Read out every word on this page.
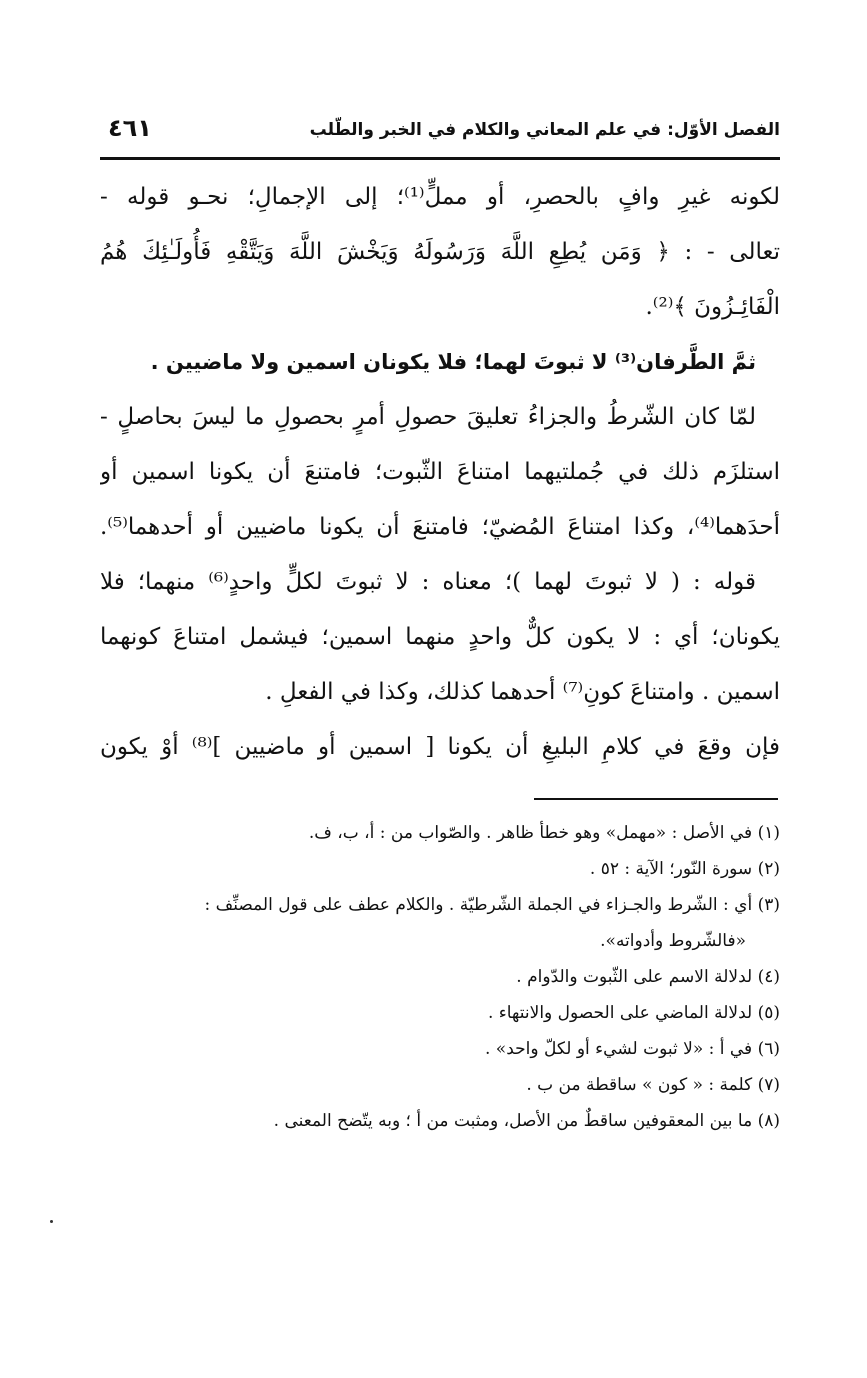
الفصل الأوّل: في علم المعاني والكلام في الخبر والطّلب
٤٦١
لكونه غيرِ وافٍ بالحصرِ، أو مملٍّ⁽¹⁾؛ إلى الإجمالِ؛ نحـو قوله -
تعالى - : ﴿ وَمَن يُطِعِ اللَّهَ وَرَسُولَهُ وَيَخْشَ اللَّهَ وَيَتَّقْهِ فَأُولَـٰئِكَ هُمُ
الْفَائِـزُونَ ﴾⁽²⁾.
ثمَّ الطَّرفان⁽³⁾ لا ثبوتَ لهما؛ فلا يكونان اسمين ولا ماضيين .
لمّا كان الشّرطُ والجزاءُ تعليقَ حصولِ أمرٍ بحصولِ ما ليسَ بحاصلٍ -
استلزَم ذلك في جُملتيهما امتناعَ الثّبوت؛ فامتنعَ أن يكونا اسمين أو
أحدَهما⁽⁴⁾، وكذا امتناعَ المُضيّ؛ فامتنعَ أن يكونا ماضيين أو أحدهما⁽⁵⁾.
قوله : ( لا ثبوتَ لهما )؛ معناه : لا ثبوتَ لكلٍّ واحدٍ⁽⁶⁾ منهما؛ فلا
يكونان؛ أي : لا يكون كلٌّ واحدٍ منهما اسمين؛ فيشمل امتناعَ كونهما
اسمين . وامتناعَ كونِ⁽⁷⁾ أحدهما كذلك، وكذا في الفعلِ .
فإن وقعَ في كلامِ البليغِ أن يكونا [ اسمين أو ماضيين ]⁽⁸⁾ أوْ يكون
(١) في الأصل : «مهمل» وهو خطأ ظاهر . والصّواب من : أ، ب، ف.
(٢) سورة النّور؛ الآية : ٥٢ .
(٣) أي : الشّرط والجـزاء في الجملة الشّرطيّة . والكلام عطف على قول المصنِّف :
«فالشّروط وأدواته».
(٤) لدلالة الاسم على الثّبوت والدّوام .
(٥) لدلالة الماضي على الحصول والانتهاء .
(٦) في أ : «لا ثبوت لشيء أو لكلّ واحد» .
(٧) كلمة : « كون » ساقطة من ب .
(٨) ما بين المعقوفين ساقطٌ من الأصل، ومثبت من أ ؛ وبه يتّضح المعنى .
